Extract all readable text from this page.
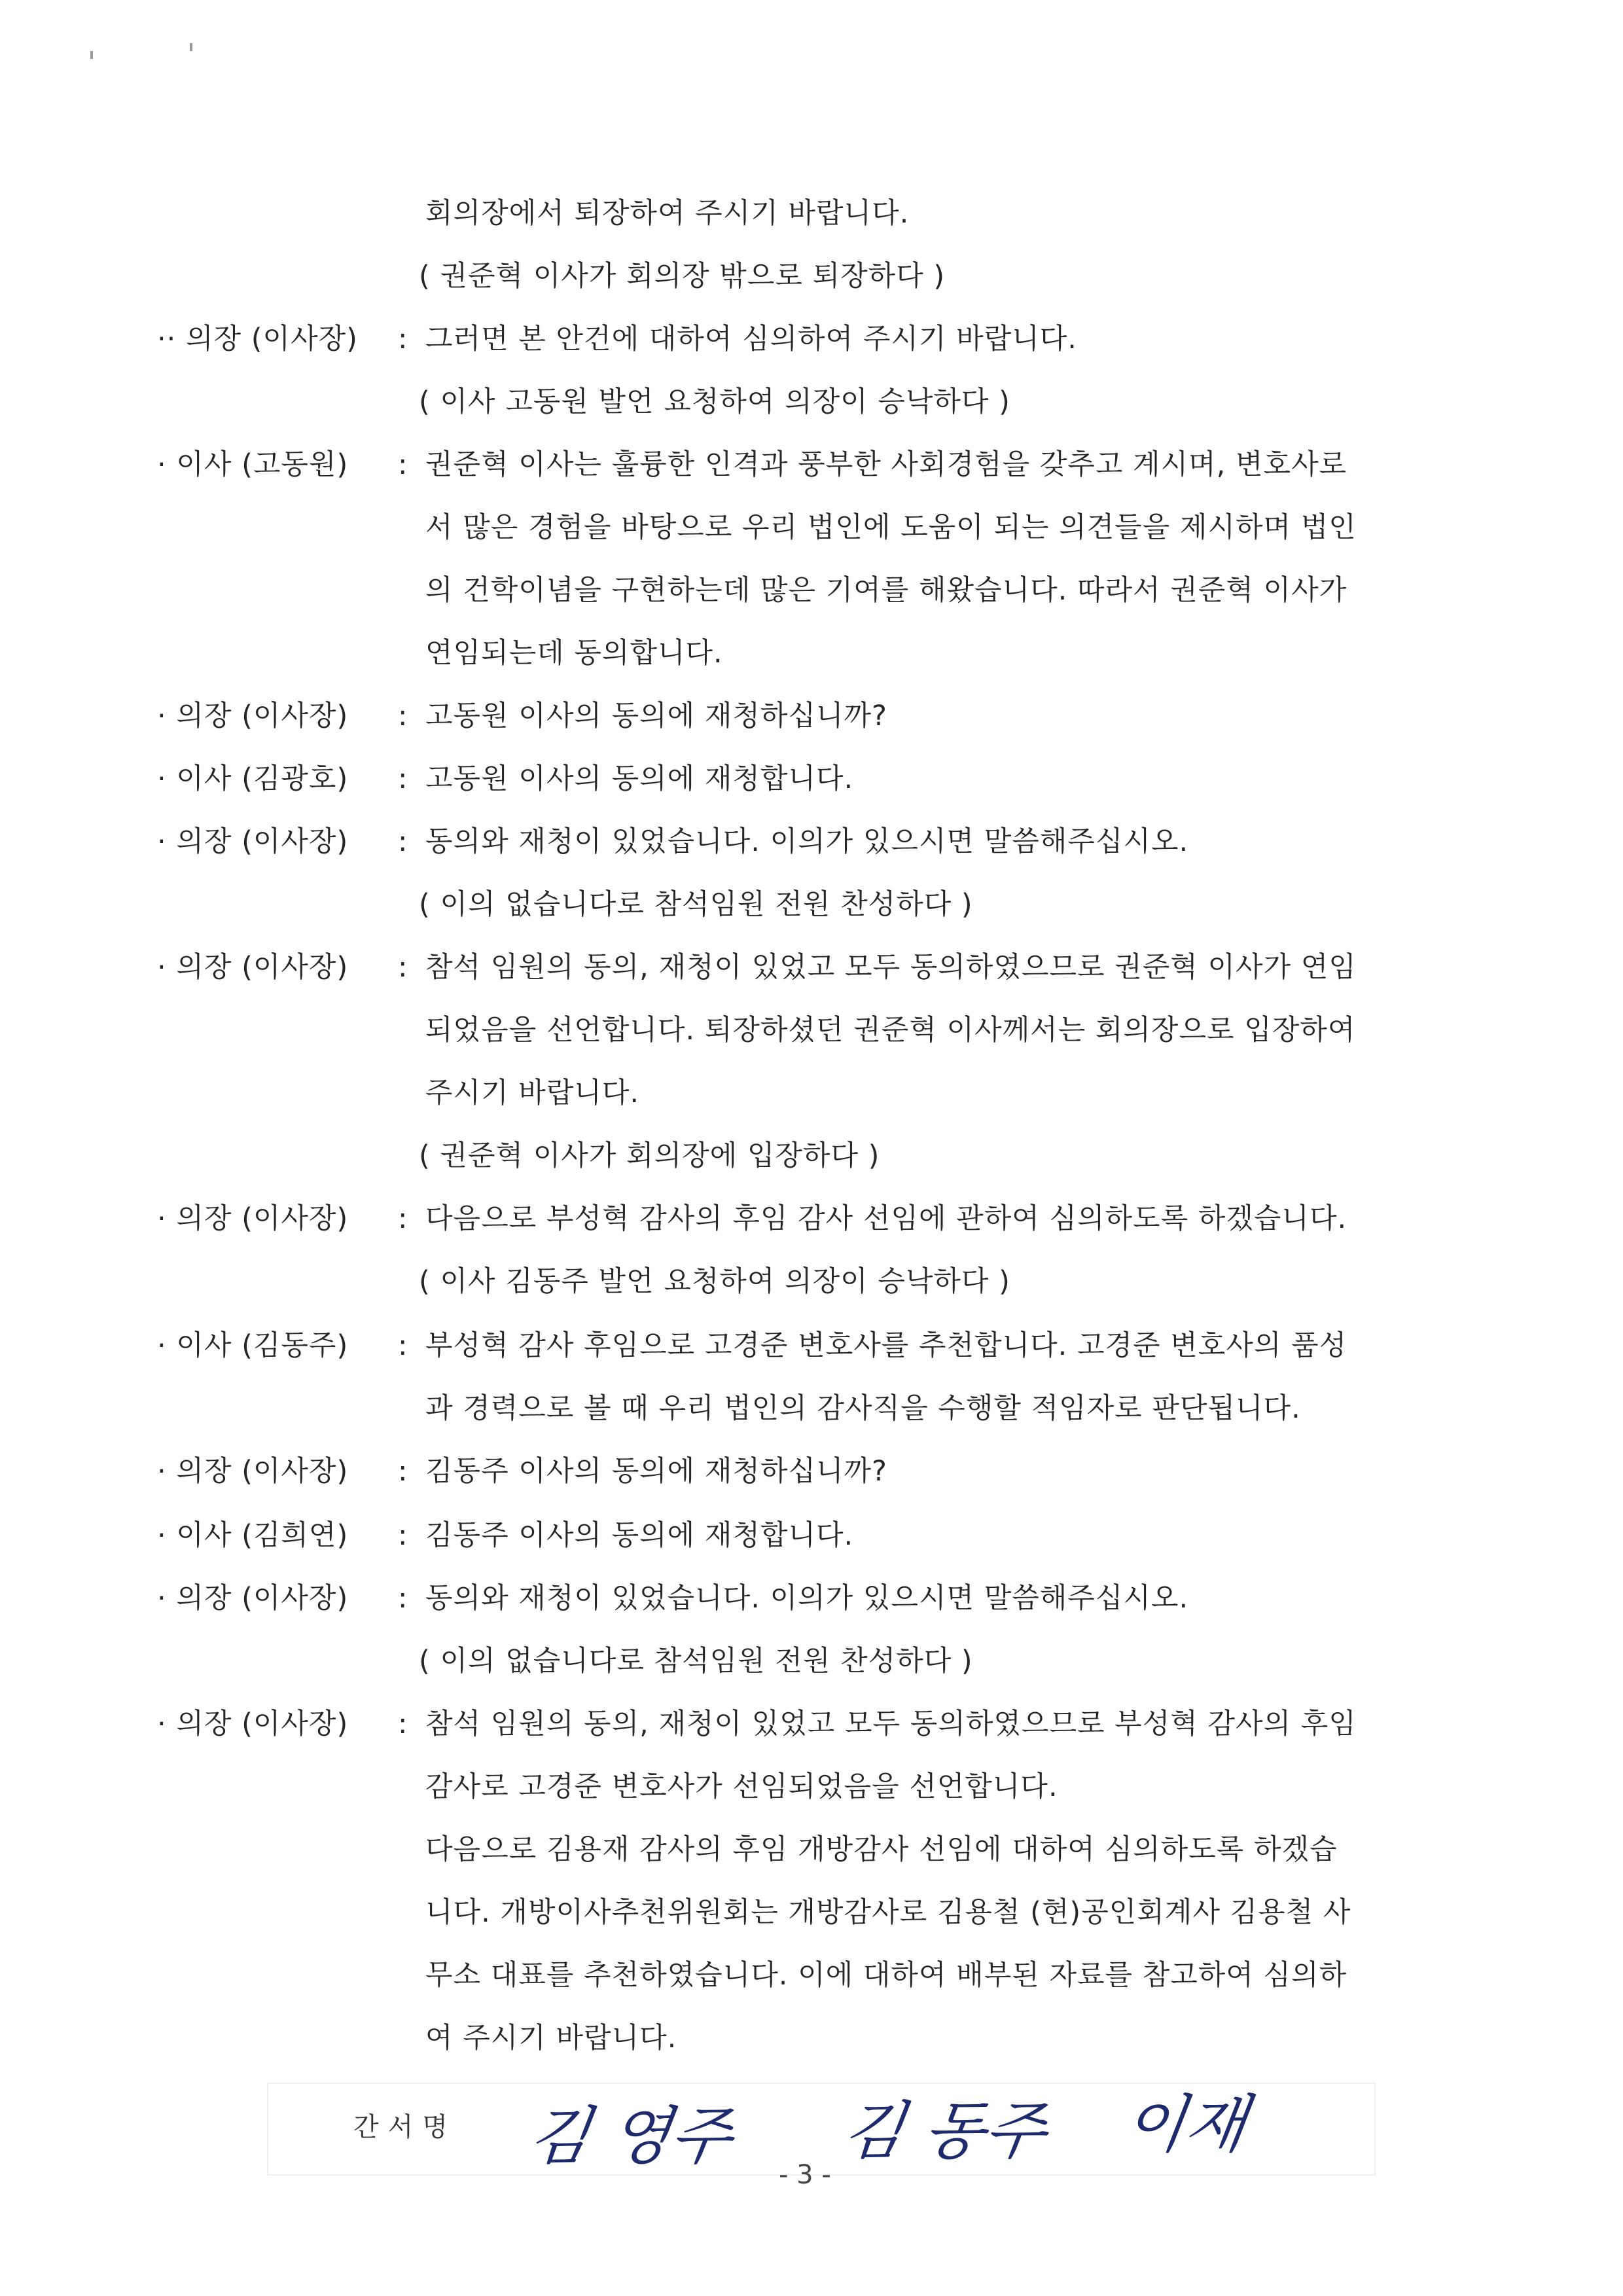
회의장에서 퇴장하여 주시기 바랍니다.
( 권준혁 이사가 회의장 밖으로 퇴장하다 )
·· 의장 (이사장) : 그러면 본 안건에 대하여 심의하여 주시기 바랍니다.
( 이사 고동원 발언 요청하여 의장이 승낙하다 )
· 이사 (고동원) : 권준혁 이사는 훌륭한 인격과 풍부한 사회경험을 갖추고 계시며, 변호사로
서 많은 경험을 바탕으로 우리 법인에 도움이 되는 의견들을 제시하며 법인
의 건학이념을 구현하는데 많은 기여를 해왔습니다. 따라서 권준혁 이사가
연임되는데 동의합니다.
· 의장 (이사장) : 고동원 이사의 동의에 재청하십니까?
· 이사 (김광호) : 고동원 이사의 동의에 재청합니다.
· 의장 (이사장) : 동의와 재청이 있었습니다. 이의가 있으시면 말씀해주십시오.
( 이의 없습니다로 참석임원 전원 찬성하다 )
· 의장 (이사장) : 참석 임원의 동의, 재청이 있었고 모두 동의하였으므로 권준혁 이사가 연임
되었음을 선언합니다. 퇴장하셨던 권준혁 이사께서는 회의장으로 입장하여
주시기 바랍니다.
( 권준혁 이사가 회의장에 입장하다 )
· 의장 (이사장) : 다음으로 부성혁 감사의 후임 감사 선임에 관하여 심의하도록 하겠습니다.
( 이사 김동주 발언 요청하여 의장이 승낙하다 )
· 이사 (김동주) : 부성혁 감사 후임으로 고경준 변호사를 추천합니다. 고경준 변호사의 품성
과 경력으로 볼 때 우리 법인의 감사직을 수행할 적임자로 판단됩니다.
· 의장 (이사장) : 김동주 이사의 동의에 재청하십니까?
· 이사 (김희연) : 김동주 이사의 동의에 재청합니다.
· 의장 (이사장) : 동의와 재청이 있었습니다. 이의가 있으시면 말씀해주십시오.
( 이의 없습니다로 참석임원 전원 찬성하다 )
· 의장 (이사장) : 참석 임원의 동의, 재청이 있었고 모두 동의하였으므로 부성혁 감사의 후임
감사로 고경준 변호사가 선임되었음을 선언합니다.
다음으로 김용재 감사의 후임 개방감사 선임에 대하여 심의하도록 하겠습
니다. 개방이사추천위원회는 개방감사로 김용철 (현)공인회계사 김용철 사
무소 대표를 추천하였습니다. 이에 대하여 배부된 자료를 참고하여 심의하
여 주시기 바랍니다.
간서명 김 영주 김 동주 이재
- 3 -
